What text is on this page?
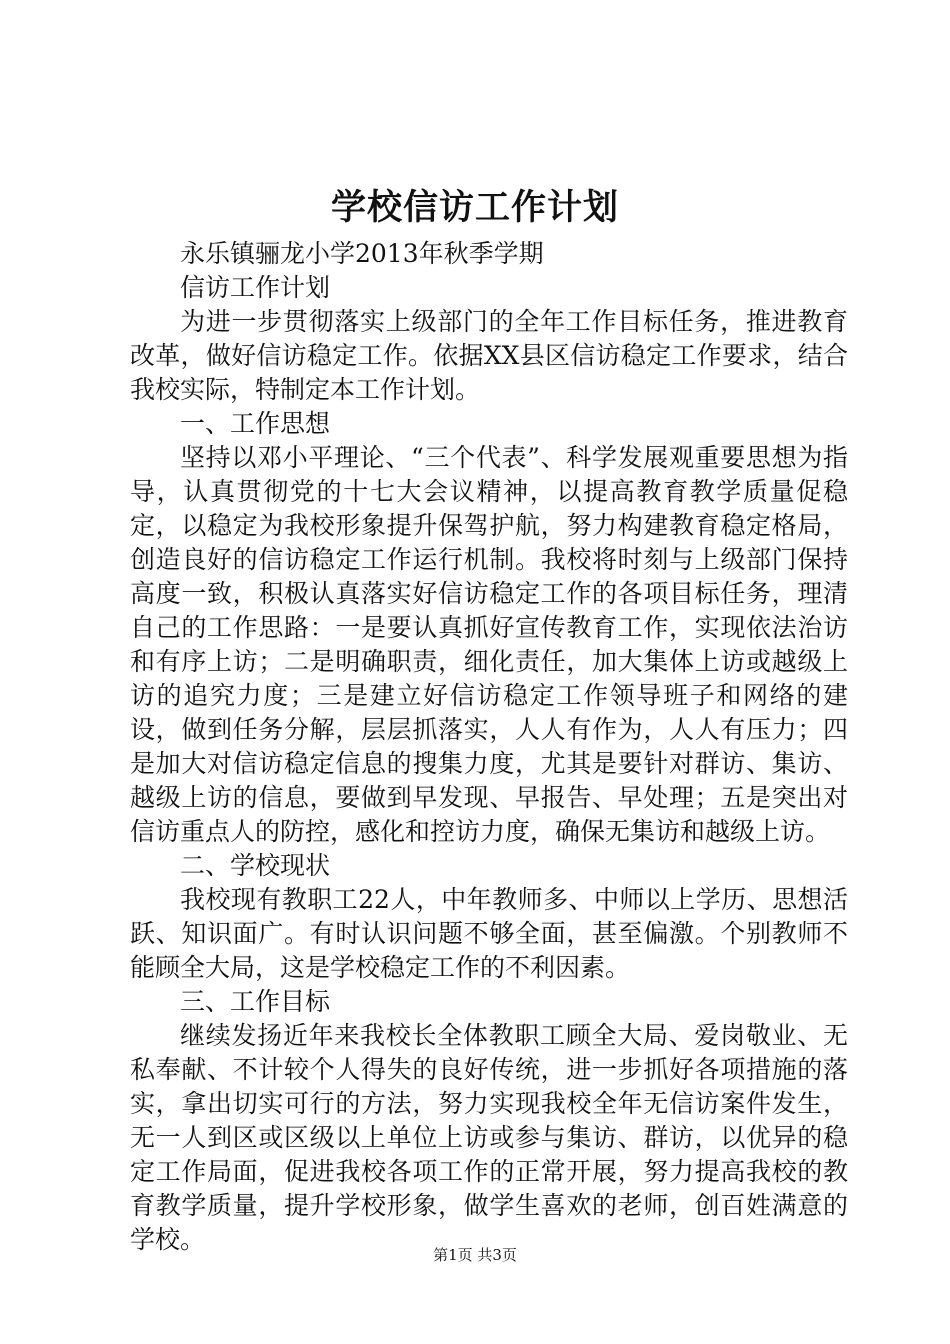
学校信访工作计划

永乐镇骊龙小学2013年秋季学期

信访工作计划

为进一步贯彻落实上级部门的全年工作目标任务，推进教育改革，做好信访稳定工作。依据XX县区信访稳定工作要求，结合我校实际，特制定本工作计划。

一、工作思想

坚持以邓小平理论、“三个代表”、科学发展观重要思想为指导，认真贯彻党的十七大会议精神，以提高教育教学质量促稳定，以稳定为我校形象提升保驾护航，努力构建教育稳定格局，创造良好的信访稳定工作运行机制。我校将时刻与上级部门保持高度一致，积极认真落实好信访稳定工作的各项目标任务，理清自己的工作思路：一是要认真抓好宣传教育工作，实现依法治访和有序上访；二是明确职责，细化责任，加大集体上访或越级上访的追究力度；三是建立好信访稳定工作领导班子和网络的建设，做到任务分解，层层抓落实，人人有作为，人人有压力；四是加大对信访稳定信息的搜集力度，尤其是要针对群访、集访、越级上访的信息，要做到早发现、早报告、早处理；五是突出对信访重点人的防控，感化和控访力度，确保无集访和越级上访。

二、学校现状

我校现有教职工22人，中年教师多、中师以上学历、思想活跃、知识面广。有时认识问题不够全面，甚至偏激。个别教师不能顾全大局，这是学校稳定工作的不利因素。

三、工作目标

继续发扬近年来我校长全体教职工顾全大局、爱岗敬业、无私奉献、不计较个人得失的良好传统，进一步抓好各项措施的落实，拿出切实可行的方法，努力实现我校全年无信访案件发生，无一人到区或区级以上单位上访或参与集访、群访，以优异的稳定工作局面，促进我校各项工作的正常开展，努力提高我校的教育教学质量，提升学校形象，做学生喜欢的老师，创百姓满意的学校。

第1页 共3页
